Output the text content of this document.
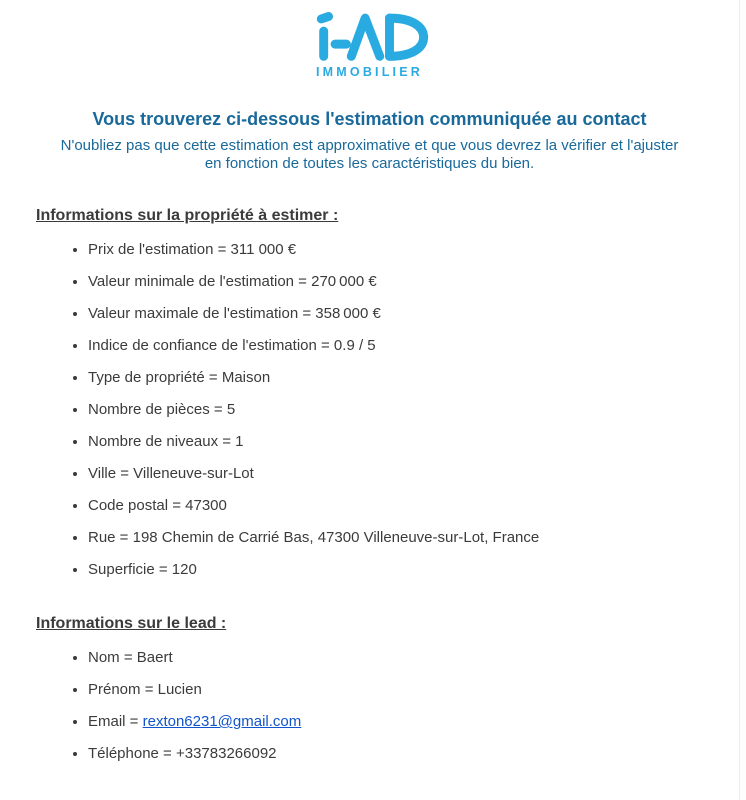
IMMOBILIER
Vous trouverez ci-dessous l'estimation communiquée au contact

N'oubliez pas que cette estimation est approximative et que vous devrez la vérifier et l'ajuster
en fonction de toutes les caractéristiques du bien.

Informations sur la propriété à estimer :
• Prix de l'estimation = 311 000 €
• Valeur minimale de l'estimation = 270 000 €
• Valeur maximale de l'estimation = 358 000 €
• Indice de confiance de l'estimation = 0.9 / 5
• Type de propriété = Maison
• Nombre de pièces = 5
• Nombre de niveaux = 1
• Ville = Villeneuve-sur-Lot
• Code postal = 47300
• Rue = 198 Chemin de Carrié Bas, 47300 Villeneuve-sur-Lot, France
• Superficie = 120
Informations sur le lead :
• Nom = Baert
• Prénom = Lucien
• Email = rexton6231@gmail.com
• Téléphone = +33783266092
